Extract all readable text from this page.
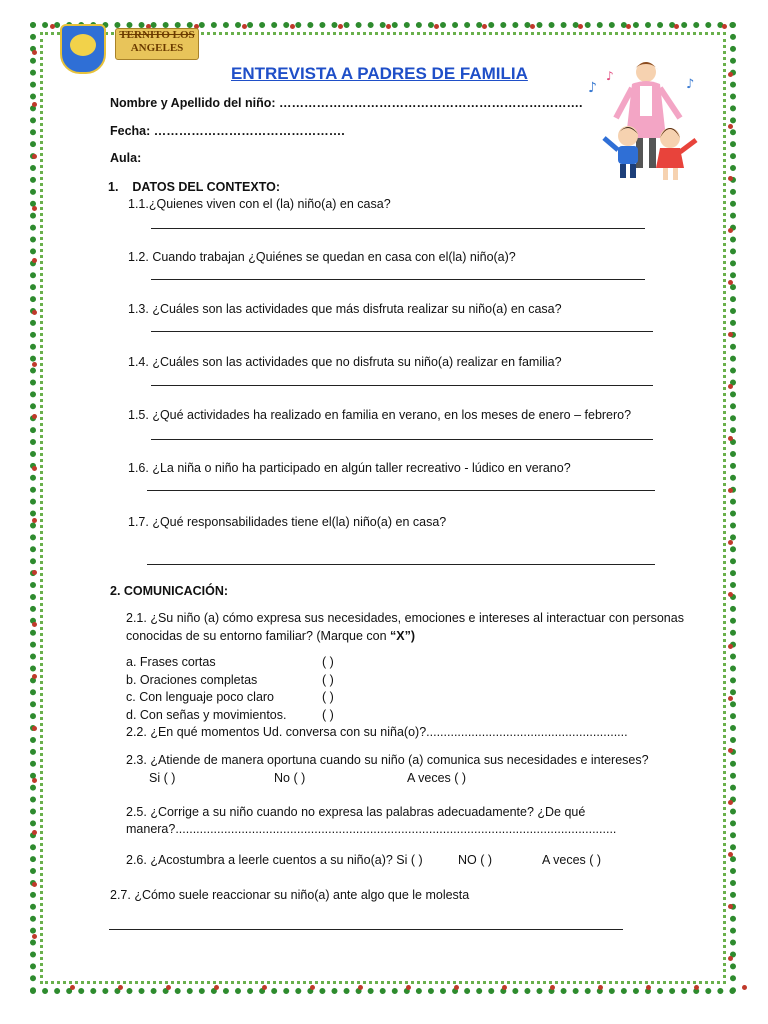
TERNITO LOS
ANGELES
♪
♪
♪
ENTREVISTA A PADRES DE FAMILIA
Nombre y Apellido del niño: ……………………………………………………………….
Fecha: ……………………………………….
Aula:
1.    DATOS DEL CONTEXTO:
1.1.¿Quienes viven con el (la) niño(a) en casa?
1.2. Cuando trabajan ¿Quiénes se quedan en casa con el(la) niño(a)?
1.3. ¿Cuáles son las actividades que más disfruta realizar su niño(a) en casa?
1.4. ¿Cuáles son las actividades que no disfruta su niño(a) realizar en familia?
1.5. ¿Qué actividades ha realizado en familia en verano, en los meses de enero – febrero?
1.6. ¿La niña o niño ha participado en algún taller recreativo - lúdico en verano?
1.7. ¿Qué responsabilidades tiene el(la) niño(a) en casa?
2. COMUNICACIÓN:
2.1. ¿Su niño (a) cómo expresa sus necesidades, emociones e intereses al interactuar con personas
conocidas de su entorno familiar? (Marque con “X”)
a. Frases cortas	( )
b. Oraciones completas	( )
c. Con lenguaje poco claro	( )
d. Con señas y movimientos.	( )
2.2. ¿En qué momentos Ud. conversa con su niña(o)?..........................................................
2.3. ¿Atiende de manera oportuna cuando su niño (a) comunica sus necesidades e intereses?
Si ( )	No ( )	A veces ( )
2.5. ¿Corrige a su niño cuando no expresa las palabras adecuadamente? ¿De qué
manera?...............................................................................................................................
2.6. ¿Acostumbra a leerle cuentos a su niño(a)? Si ( )	NO ( )	A veces ( )
2.7. ¿Cómo suele reaccionar su niño(a) ante algo que le molesta
